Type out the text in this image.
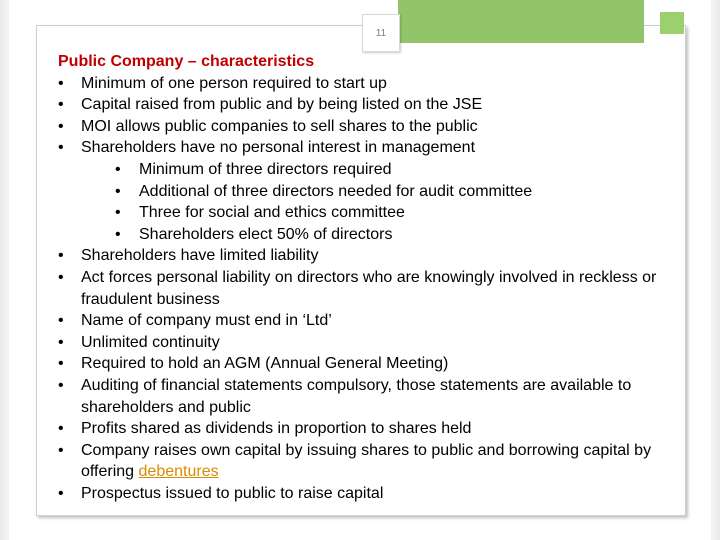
11
Public Company – characteristics
• Minimum of one person required to start up
• Capital raised from public and by being listed on the JSE
• MOI allows public companies to sell shares to the public
• Shareholders have no personal interest in management
• Minimum of three directors required
• Additional of three directors needed for audit committee
• Three for social and ethics committee
• Shareholders elect 50% of directors
• Shareholders have limited liability
• Act forces personal liability on directors who are knowingly involved in reckless or fraudulent business
• Name of company must end in ‘Ltd’
• Unlimited continuity
• Required to hold an AGM (Annual General Meeting)
• Auditing of financial statements compulsory, those statements are available to shareholders and public
• Profits shared as dividends in proportion to shares held
• Company raises own capital by issuing shares to public and borrowing capital by offering debentures
• Prospectus issued to public to raise capital
